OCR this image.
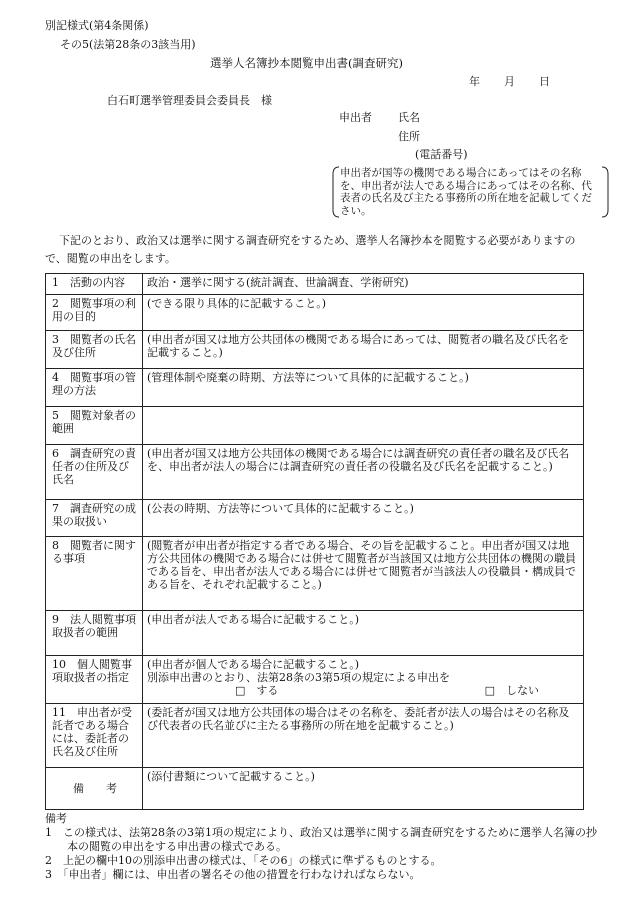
別記様式(第4条関係)
その5(法第28条の3該当用)
選挙人名簿抄本閲覧申出書(調査研究)
年 月 日
白石町選挙管理委員会委員長　様
申出者 氏名
住所
(電話番号)
申出者が国等の機関である場合にあってはその名称を、申出者が法人である場合にあってはその名称、代表者の氏名及び主たる事務所の所在地を記載してください。
下記のとおり、政治又は選挙に関する調査研究をするため、選挙人名簿抄本を閲覧する必要がありますので、閲覧の申出をします。
1　活動の内容	政治・選挙に関する(統計調査、世論調査、学術研究)
2　閲覧事項の利用の目的	(できる限り具体的に記載すること。)
3　閲覧者の氏名及び住所	(申出者が国又は地方公共団体の機関である場合にあっては、閲覧者の職名及び氏名を記載すること。)
4　閲覧事項の管理の方法	(管理体制や廃棄の時期、方法等について具体的に記載すること。)
5　閲覧対象者の範囲	
6　調査研究の責任者の住所及び氏名	(申出者が国又は地方公共団体の機関である場合には調査研究の責任者の職名及び氏名を、申出者が法人の場合には調査研究の責任者の役職名及び氏名を記載すること。)
7　調査研究の成果の取扱い	(公表の時期、方法等について具体的に記載すること。)
8　閲覧者に関する事項	(閲覧者が申出者が指定する者である場合、その旨を記載すること。申出者が国又は地方公共団体の機関である場合には併せて閲覧者が当該国又は地方公共団体の機関の職員である旨を、申出者が法人である場合には併せて閲覧者が当該法人の役職員・構成員である旨を、それぞれ記載すること。)
9　法人閲覧事項取扱者の範囲	(申出者が法人である場合に記載すること。)
10　個人閲覧事項取扱者の指定	(申出者が個人である場合に記載すること。)
別添申出書のとおり、法第28条の3第5項の規定による申出を
□　する □　しない

11　申出者が受託者である場合には、委託者の氏名及び住所	(委託者が国又は地方公共団体の場合はその名称を、委託者が法人の場合はその名称及び代表者の氏名並びに主たる事務所の所在地を記載すること。)
備　　考	(添付書類について記載すること。)
備考
1　この様式は、法第28条の3第1項の規定により、政治又は選挙に関する調査研究をするために選挙人名簿の抄本の閲覧の申出をする申出書の様式である。
2　上記の欄中10の別添申出書の様式は、「その6」の様式に準ずるものとする。
3　「申出者」欄には、申出者の署名その他の措置を行わなければならない。
